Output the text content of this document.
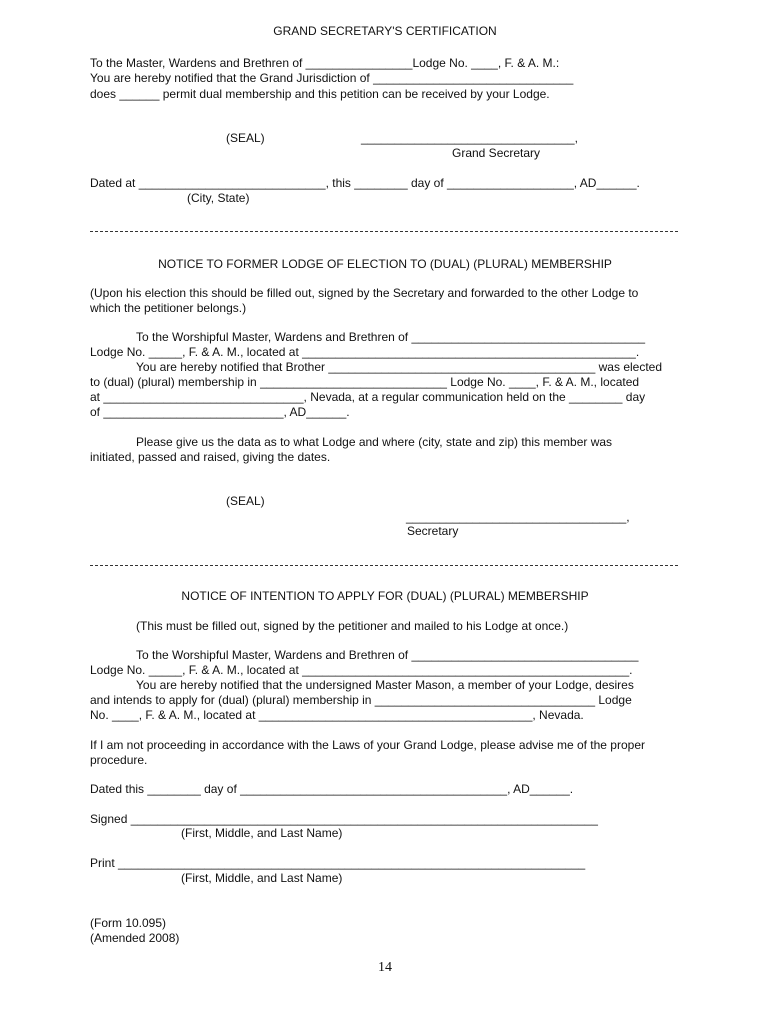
GRAND SECRETARY'S CERTIFICATION
To the Master, Wardens and Brethren of ________________Lodge No. ____, F. & A. M.:
You are hereby notified that the Grand Jurisdiction of ______________________________
does ______ permit dual membership and this petition can be received by your Lodge.
(SEAL)	________________________________,
Grand Secretary
Dated at ____________________________, this ________ day of ___________________, AD______.
(City, State)
NOTICE TO FORMER LODGE OF ELECTION TO (DUAL) (PLURAL) MEMBERSHIP
(Upon his election this should be filled out, signed by the Secretary and forwarded to the other Lodge to
which the petitioner belongs.)
To the Worshipful Master, Wardens and Brethren of ___________________________________
Lodge No. _____, F. & A. M., located at __________________________________________________.
You are hereby notified that Brother ________________________________________ was elected
to (dual) (plural) membership in ____________________________ Lodge No. ____, F. & A. M., located
at ______________________________, Nevada, at a regular communication held on the ________ day
of ___________________________, AD______.
Please give us the data as to what Lodge and where (city, state and zip) this member was
initiated, passed and raised, giving the dates.
(SEAL)
_________________________________,
Secretary
NOTICE OF INTENTION TO APPLY FOR (DUAL) (PLURAL) MEMBERSHIP
(This must be filled out, signed by the petitioner and mailed to his Lodge at once.)
To the Worshipful Master, Wardens and Brethren of __________________________________
Lodge No. _____, F. & A. M., located at _________________________________________________.
You are hereby notified that the undersigned Master Mason, a member of your Lodge, desires
and intends to apply for (dual) (plural) membership in _________________________________ Lodge
No. ____, F. & A. M., located at _________________________________________, Nevada.
If I am not proceeding in accordance with the Laws of your Grand Lodge, please advise me of the proper
procedure.
Dated this ________ day of ________________________________________, AD______.
Signed ______________________________________________________________________
(First, Middle, and Last Name)
Print ______________________________________________________________________
(First, Middle, and Last Name)
(Form 10.095)
(Amended 2008)
14
